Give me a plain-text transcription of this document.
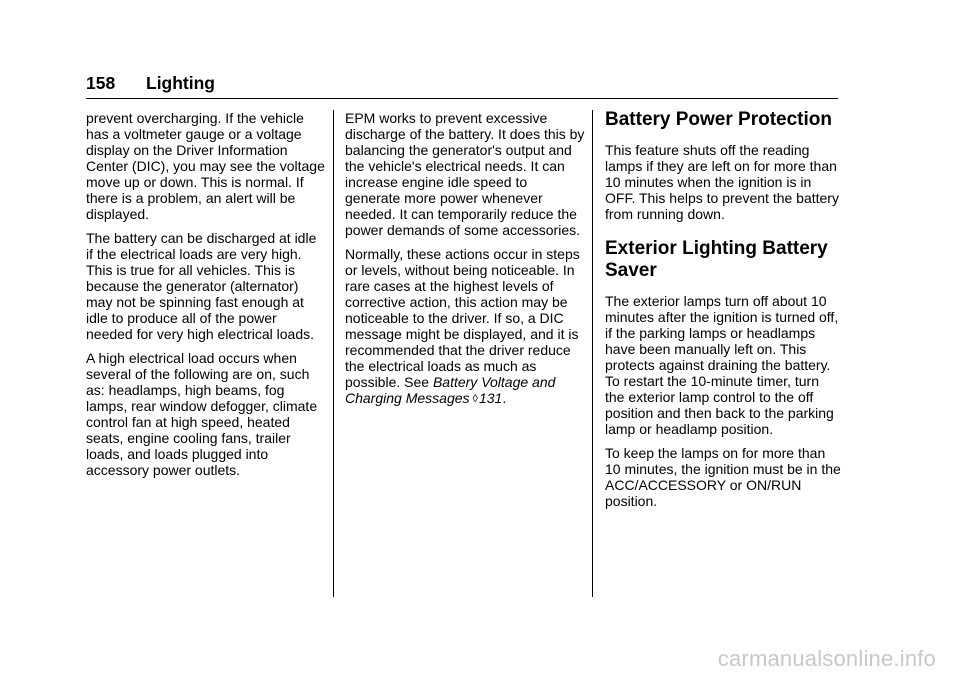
158 Lighting

prevent overcharging. If the vehicle has a voltmeter gauge or a voltage display on the Driver Information Center (DIC), you may see the voltage move up or down. This is normal. If there is a problem, an alert will be displayed.

The battery can be discharged at idle if the electrical loads are very high. This is true for all vehicles. This is because the generator (alternator) may not be spinning fast enough at idle to produce all of the power needed for very high electrical loads.

A high electrical load occurs when several of the following are on, such as: headlamps, high beams, fog lamps, rear window defogger, climate control fan at high speed, heated seats, engine cooling fans, trailer loads, and loads plugged into accessory power outlets.

EPM works to prevent excessive discharge of the battery. It does this by balancing the generator's output and the vehicle's electrical needs. It can increase engine idle speed to generate more power whenever needed. It can temporarily reduce the power demands of some accessories.

Normally, these actions occur in steps or levels, without being noticeable. In rare cases at the highest levels of corrective action, this action may be noticeable to the driver. If so, a DIC message might be displayed, and it is recommended that the driver reduce the electrical loads as much as possible. See Battery Voltage and Charging Messages ◊131.

Battery Power Protection

This feature shuts off the reading lamps if they are left on for more than 10 minutes when the ignition is in OFF. This helps to prevent the battery from running down.

Exterior Lighting Battery Saver

The exterior lamps turn off about 10 minutes after the ignition is turned off, if the parking lamps or headlamps have been manually left on. This protects against draining the battery. To restart the 10-minute timer, turn the exterior lamp control to the off position and then back to the parking lamp or headlamp position.

To keep the lamps on for more than 10 minutes, the ignition must be in the ACC/ACCESSORY or ON/RUN position.

carmanualsonline.info
